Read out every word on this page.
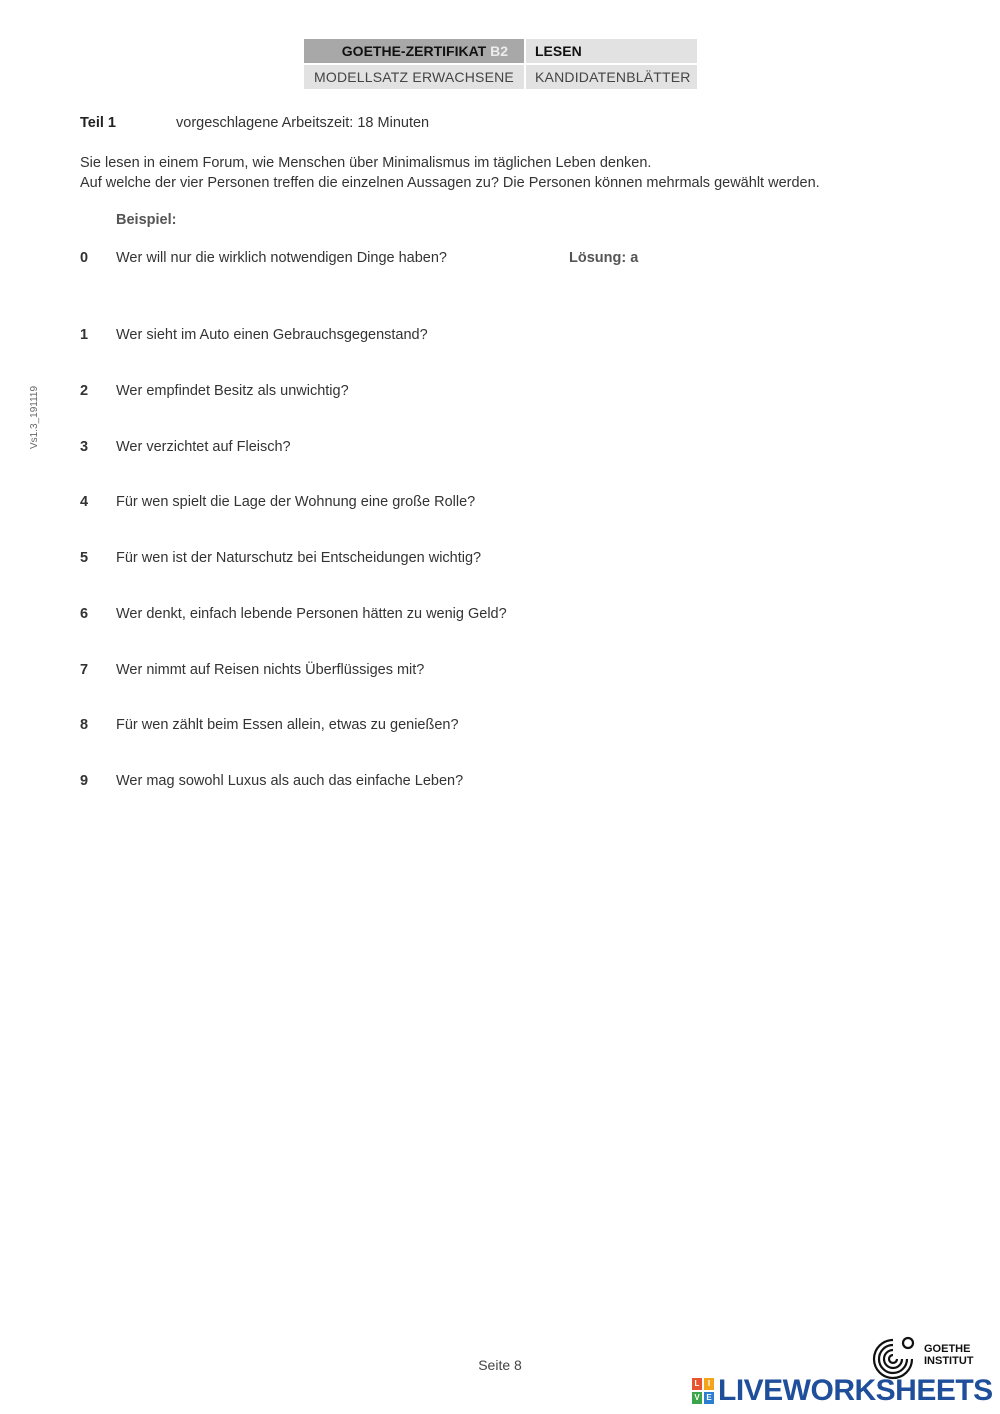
GOETHE-ZERTIFIKAT B2	LESEN
MODELLSATZ ERWACHSENE	KANDIDATENBLÄTTER
Vs1.3_191119
Teil 1	vorgeschlagene Arbeitszeit: 18 Minuten
Sie lesen in einem Forum, wie Menschen über Minimalismus im täglichen Leben denken.
Auf welche der vier Personen treffen die einzelnen Aussagen zu? Die Personen können mehrmals gewählt werden.
Beispiel:
0 Wer will nur die wirklich notwendigen Dinge haben?	Lösung: a
1 Wer sieht im Auto einen Gebrauchsgegenstand?
2 Wer empfindet Besitz als unwichtig?
3 Wer verzichtet auf Fleisch?
4 Für wen spielt die Lage der Wohnung eine große Rolle?
5 Für wen ist der Naturschutz bei Entscheidungen wichtig?
6 Wer denkt, einfach lebende Personen hätten zu wenig Geld?
7 Wer nimmt auf Reisen nichts Überflüssiges mit?
8 Für wen zählt beim Essen allein, etwas zu genießen?
9 Wer mag sowohl Luxus als auch das einfache Leben?
Seite 8
GOETHE
INSTITUT
L	I
V E LIVEWORKSHEETS
